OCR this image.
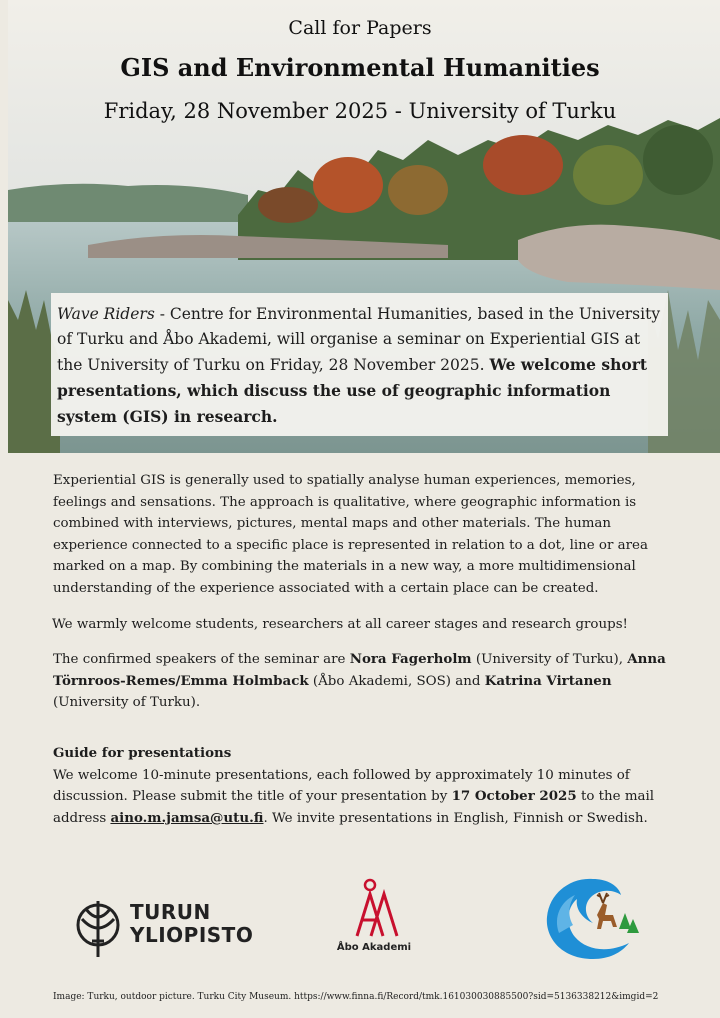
Call for Papers
GIS and Environmental Humanities
Friday, 28 November 2025 - University of Turku
Wave Riders - Centre for Environmental Humanities, based in the University of Turku and Åbo Akademi, will organise a seminar on Experiential GIS at the University of Turku on Friday, 28 November 2025. We welcome short presentations, which discuss the use of geographic information system (GIS) in research.
Experiential GIS is generally used to spatially analyse human experiences, memories, feelings and sensations. The approach is qualitative, where geographic information is combined with interviews, pictures, mental maps and other materials. The human experience connected to a specific place is represented in relation to a dot, line or area marked on a map. By combining the materials in a new way, a more multidimensional understanding of the experience associated with a certain place can be created.
We warmly welcome students, researchers at all career stages and research groups!
The confirmed speakers of the seminar are Nora Fagerholm (University of Turku), Anna Törnroos-Remes/Emma Holmback (Åbo Akademi, SOS) and Katrina Virtanen (University of Turku).
Guide for presentations
We welcome 10-minute presentations, each followed by approximately 10 minutes of discussion. Please submit the title of your presentation by 17 October 2025 to the mail address aino.m.jamsa@utu.fi. We invite presentations in English, Finnish or Swedish.
TURUN
YLIOPISTO
Åbo Akademi
Image: Turku, outdoor picture. Turku City Museum. https://www.finna.fi/Record/tmk.161030030885500?sid=5136338212&imgid=2
